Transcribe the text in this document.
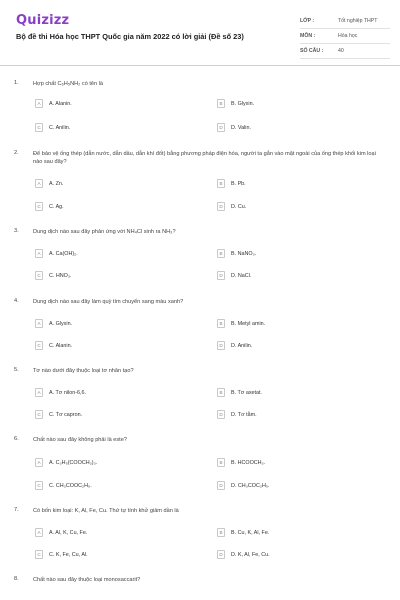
Quizizz
Bộ đề thi Hóa học THPT Quốc gia năm 2022 có lời giải (Đề số 23)
LỚP :	Tốt nghiệp THPT
MÔN :	Hóa học
SỐ CÂU :	40
1.	Hợp chất C₆H₅NH₂ có tên là
A	A. Alanin.	B	B. Glyxin.
C	C. Anilin.	D	D. Valin.
2.	Để bảo vệ ống thép (dẫn nước, dẫn dầu, dẫn khí đốt) bằng phương pháp điện hóa, người ta gắn vào mặt ngoài của ống thép khối kim loại nào sau đây?
A	A. Zn.	B	B. Pb.
C	C. Ag.	D	D. Cu.
3.	Dung dịch nào sau đây phản ứng với NH₄Cl sinh ra NH₃?
A	A. Ca(OH)₂.	B	B. NaNO₃.
C	C. HNO₃.	D	D. NaCl.
4.	Dung dịch nào sau đây làm quỳ tím chuyển sang màu xanh?
A	A. Glyxin.	B	B. Metyl amin.
C	C. Alanin.	D	D. Anilin.
5.	Tơ nào dưới đây thuộc loại tơ nhân tạo?
A	A. Tơ nilon-6,6.	B	B. Tơ axetat.
C	C. Tơ capron.	D	D. Tơ tằm.
6.	Chất nào sau đây không phải là este?
A	A. C₃H₅(COOCH₃)₃.	B	B. HCOOCH₃.
C	C. CH₃COOC₂H₅.	D	D. CH₃COC₂H₅.
7.	Có bốn kim loại: K, Al, Fe, Cu. Thứ tự tính khử giảm dần là
A	A. Al, K, Cu, Fe.	B	B. Cu, K, Al, Fe.
C	C. K, Fe, Cu, Al.	D	D. K, Al, Fe, Cu.
8.	Chất nào sau đây thuộc loại monosaccarit?
